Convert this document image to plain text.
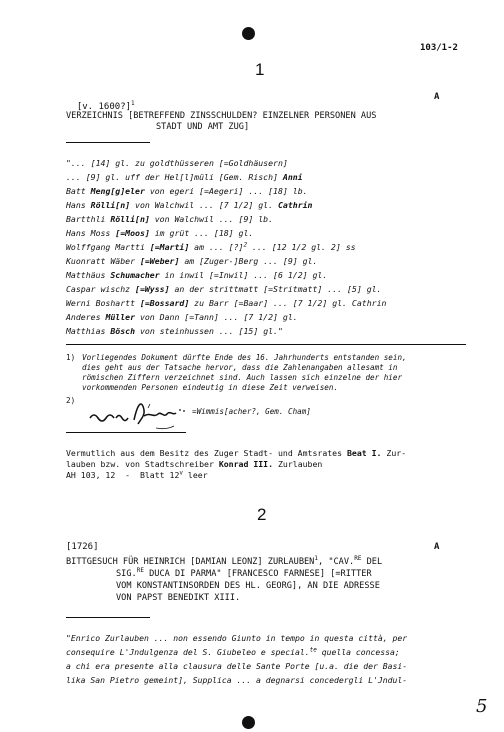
103/1-2
1

[v. 1600?]$^1$

A
VERZEICHNIS [BETREFFEND ZINSSCHULDEN? EINZELNER PERSONEN AUS
STADT UND AMT ZUG]
"... [14] gl. zu goldthüsseren [=Goldhäusern]
... [9] gl. uff der Hel[l]müli [Gem. Risch] Anni
Batt Meng[g]eler von egeri [=Aegeri] ... [18] lb.
Hans Rölli[n] von Walchwil ... [7 1/2] gl. Cathrin
Bartthli Rölli[n] von Walchwil ... [9] lb.
Hans Moss [=Moos] im grüt ... [18] gl.
Wolffgang Martti [=Marti] am ... [?]$^2$ ... [12 1/2 gl. 2] ss
Kuonratt Wäber [=Weber] am [Zuger-]Berg ... [9] gl.
Matthäus Schumacher in inwil [=Inwil] ... [6 1/2] gl.
Caspar wischz [=Wyss] an der strittmatt [=Stritmatt] ... [5] gl.
Werni Boshartt [=Bossard] zu Barr [=Baar] ... [7 1/2] gl. Cathrin
Anderes Müller von Dann [=Tann] ... [7 1/2] gl.
Matthias Bösch von steinhussen ... [15] gl."
1) Vorliegendes Dokument dürfte Ende des 16. Jahrhunderts entstanden sein,
dies geht aus der Tatsache hervor, dass die Zahlenangaben allesamt in
römischen Ziffern verzeichnet sind. Auch lassen sich einzelne der hier
vorkommenden Personen eindeutig in diese Zeit verweisen.
2)
=Wimmis[acher?, Gem. Cham]
Vermutlich aus dem Besitz des Zuger Stadt- und Amtsrates Beat I. Zur-
lauben bzw. von Stadtschreiber Konrad III. Zurlauben
AH 103, 12  -  Blatt 12$^v$ leer
2
[1726]	A
BITTGESUCH FÜR HEINRICH [DAMIAN LEONZ] ZURLAUBEN$^1$, "CAV.$^{RE}$ DEL
SIG.$^{RE}$ DUCA DI PARMA" [FRANCESCO FARNESE] [=RITTER
VOM KONSTANTINSORDEN DES HL. GEORG], AN DIE ADRESSE
VON PAPST BENEDIKT XIII.
"Enrico Zurlauben ... non essendo Giunto in tempo in questa città, per
consequire L'Jndulgenza del S. Giubeleo e special.$^{te}$ quella concessa;
a chi era presente alla clausura delle Sante Porte [u.a. die der Basi-
lika San Pietro gemeint], Supplica ... a degnarsi concedergli L'Jndul-
5
